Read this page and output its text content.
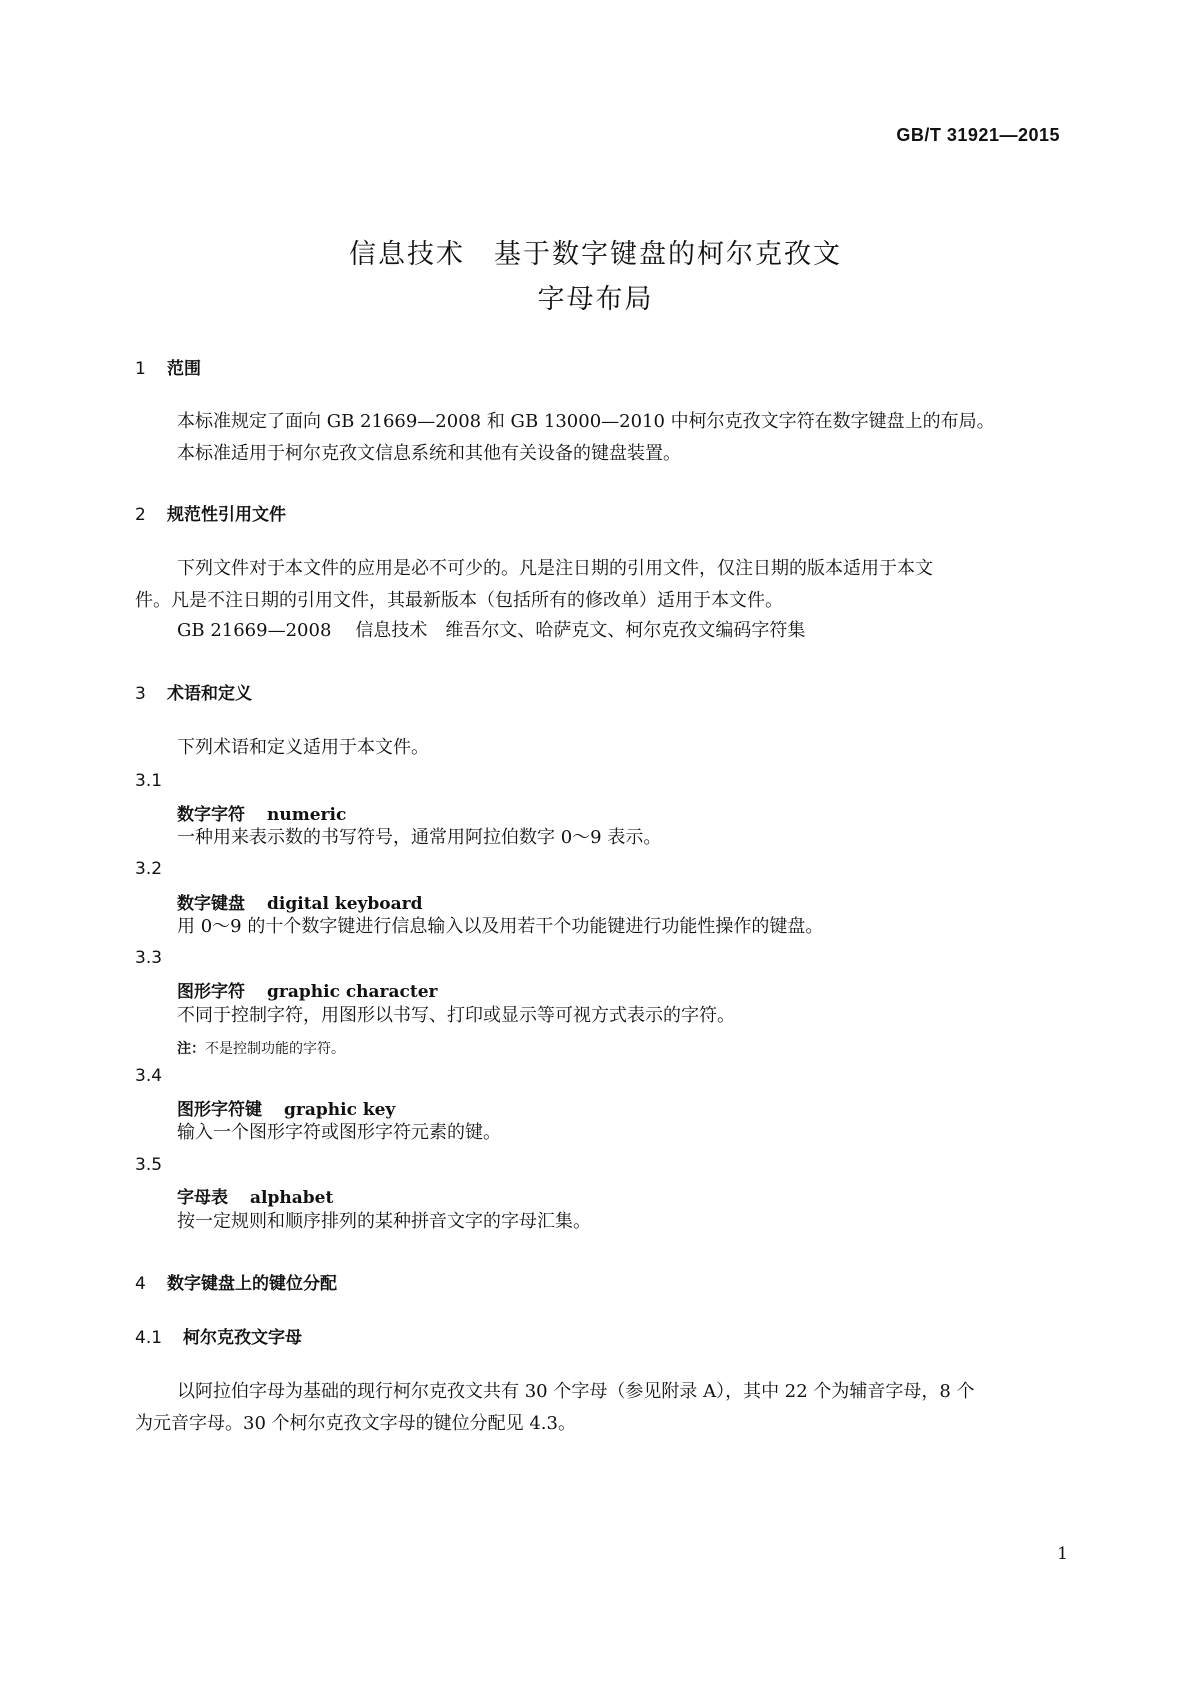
GB/T 31921—2015
信息技术　基于数字键盘的柯尔克孜文
字母布局
1 范围
本标准规定了面向 GB 21669—2008 和 GB 13000—2010 中柯尔克孜文字符在数字键盘上的布局。
本标准适用于柯尔克孜文信息系统和其他有关设备的键盘装置。
2 规范性引用文件
下列文件对于本文件的应用是必不可少的。凡是注日期的引用文件，仅注日期的版本适用于本文
件。凡是不注日期的引用文件，其最新版本（包括所有的修改单）适用于本文件。
GB 21669—2008 信息技术　维吾尔文、哈萨克文、柯尔克孜文编码字符集
3 术语和定义
下列术语和定义适用于本文件。
3.1
数字字符 numeric
一种用来表示数的书写符号，通常用阿拉伯数字 0～9 表示。
3.2
数字键盘 digital keyboard
用 0～9 的十个数字键进行信息输入以及用若干个功能键进行功能性操作的键盘。
3.3
图形字符 graphic character
不同于控制字符，用图形以书写、打印或显示等可视方式表示的字符。
注：不是控制功能的字符。
3.4
图形字符键 graphic key
输入一个图形字符或图形字符元素的键。
3.5
字母表 alphabet
按一定规则和顺序排列的某种拼音文字的字母汇集。
4 数字键盘上的键位分配
4.1 柯尔克孜文字母
以阿拉伯字母为基础的现行柯尔克孜文共有 30 个字母（参见附录 A），其中 22 个为辅音字母，8 个
为元音字母。30 个柯尔克孜文字母的键位分配见 4.3。
1
